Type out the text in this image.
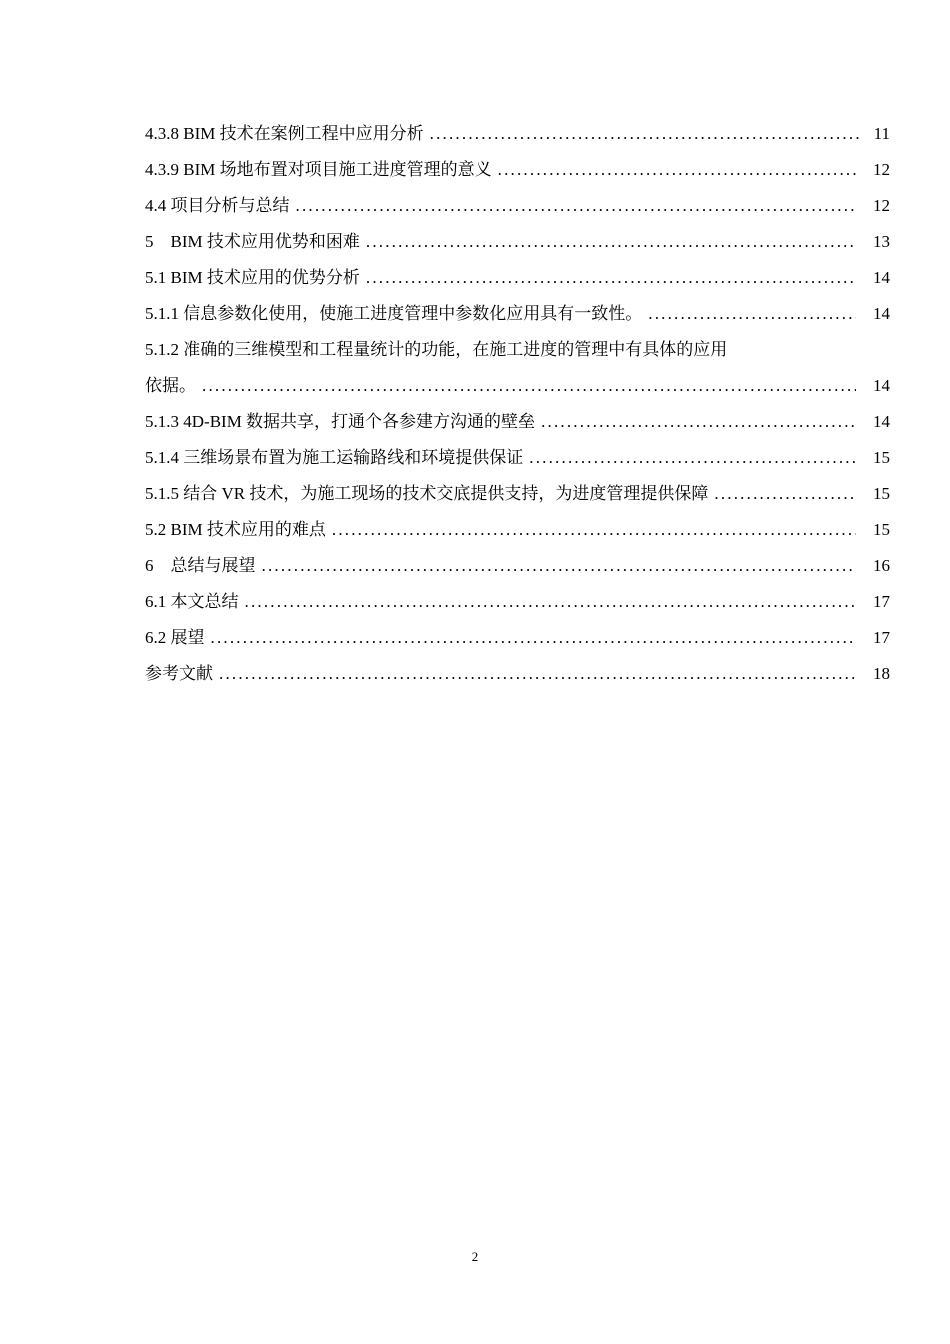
4.3.8 BIM 技术在案例工程中应用分析 .....	11
4.3.9 BIM 场地布置对项目施工进度管理的意义 .....	12
4.4 项目分析与总结 .....	12
5　BIM 技术应用优势和困难 .....	13
5.1 BIM 技术应用的优势分析 .....	14
5.1.1 信息参数化使用，使施工进度管理中参数化应用具有一致性。 .....	14
5.1.2 准确的三维模型和工程量统计的功能，在施工进度的管理中有具体的应用
依据。 .....	14
5.1.3 4D-BIM 数据共享，打通个各参建方沟通的壁垒 .....	14
5.1.4 三维场景布置为施工运输路线和环境提供保证 .....	15
5.1.5 结合 VR 技术，为施工现场的技术交底提供支持，为进度管理提供保障 .....	15
5.2 BIM 技术应用的难点 .....	15
6　总结与展望 .....	16
6.1 本文总结 .....	17
6.2 展望 .....	17
参考文献 .....	18
2
